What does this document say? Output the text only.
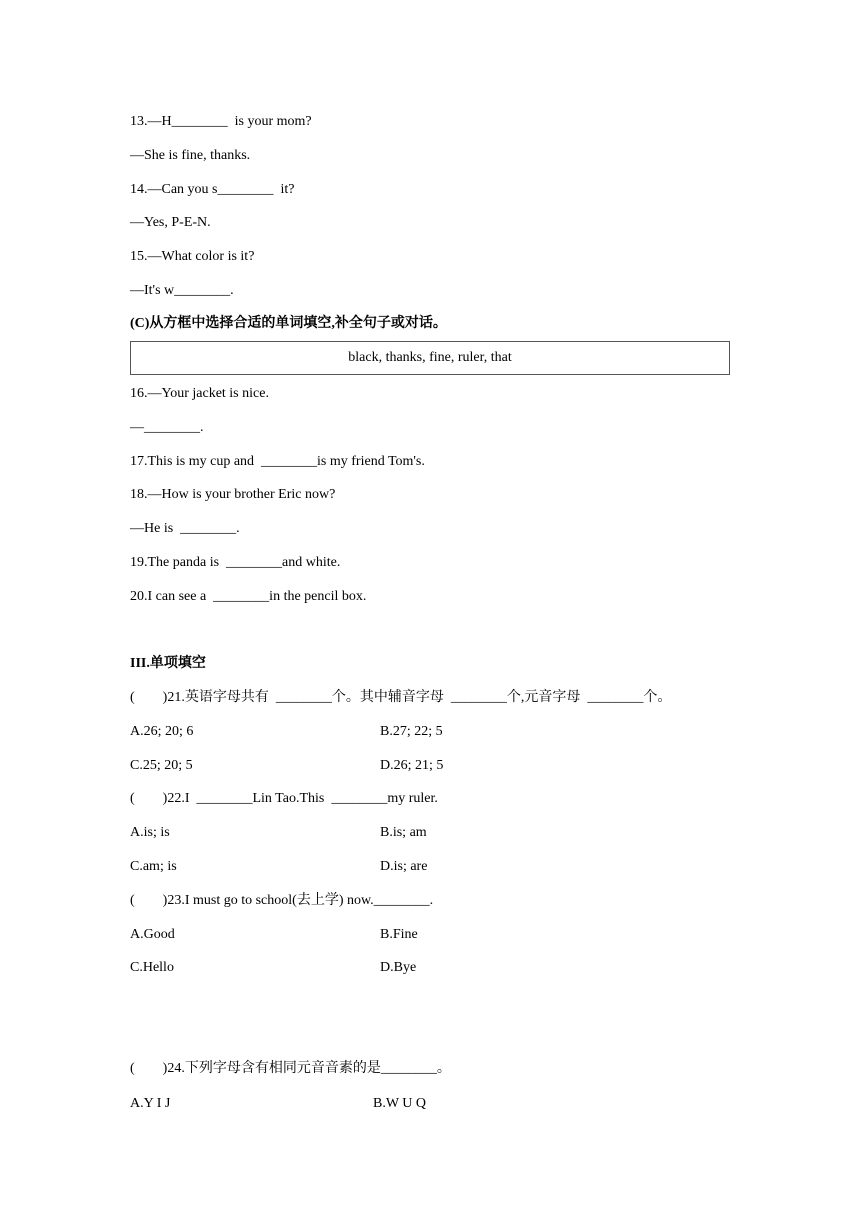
13.—H________  is your mom?
—She is fine, thanks.
14.—Can you s________  it?
—Yes, P-E-N.
15.—What color is it?
—It's w________.
(C)从方框中选择合适的单词填空,补全句子或对话。
black, thanks, fine, ruler, that
16.—Your jacket is nice.
—________.
17.This is my cup and  ________is my friend Tom's.
18.—How is your brother Eric now?
—He is  ________.
19.The panda is  ________and white.
20.I can see a  ________in the pencil box.
III.单项填空
(        )21.英语字母共有  ________个。其中辅音字母  ________个,元音字母  ________个。
A.26; 20; 6	B.27; 22; 5
C.25; 20; 5	D.26; 21; 5
(        )22.I  ________Lin Tao.This  ________my ruler.
A.is; is	B.is; am
C.am; is	D.is; are
(        )23.I must go to school(去上学) now.________.
A.Good	B.Fine
C.Hello	D.Bye
(        )24.下列字母含有相同元音音素的是________。
A.Y I J	B.W U Q
